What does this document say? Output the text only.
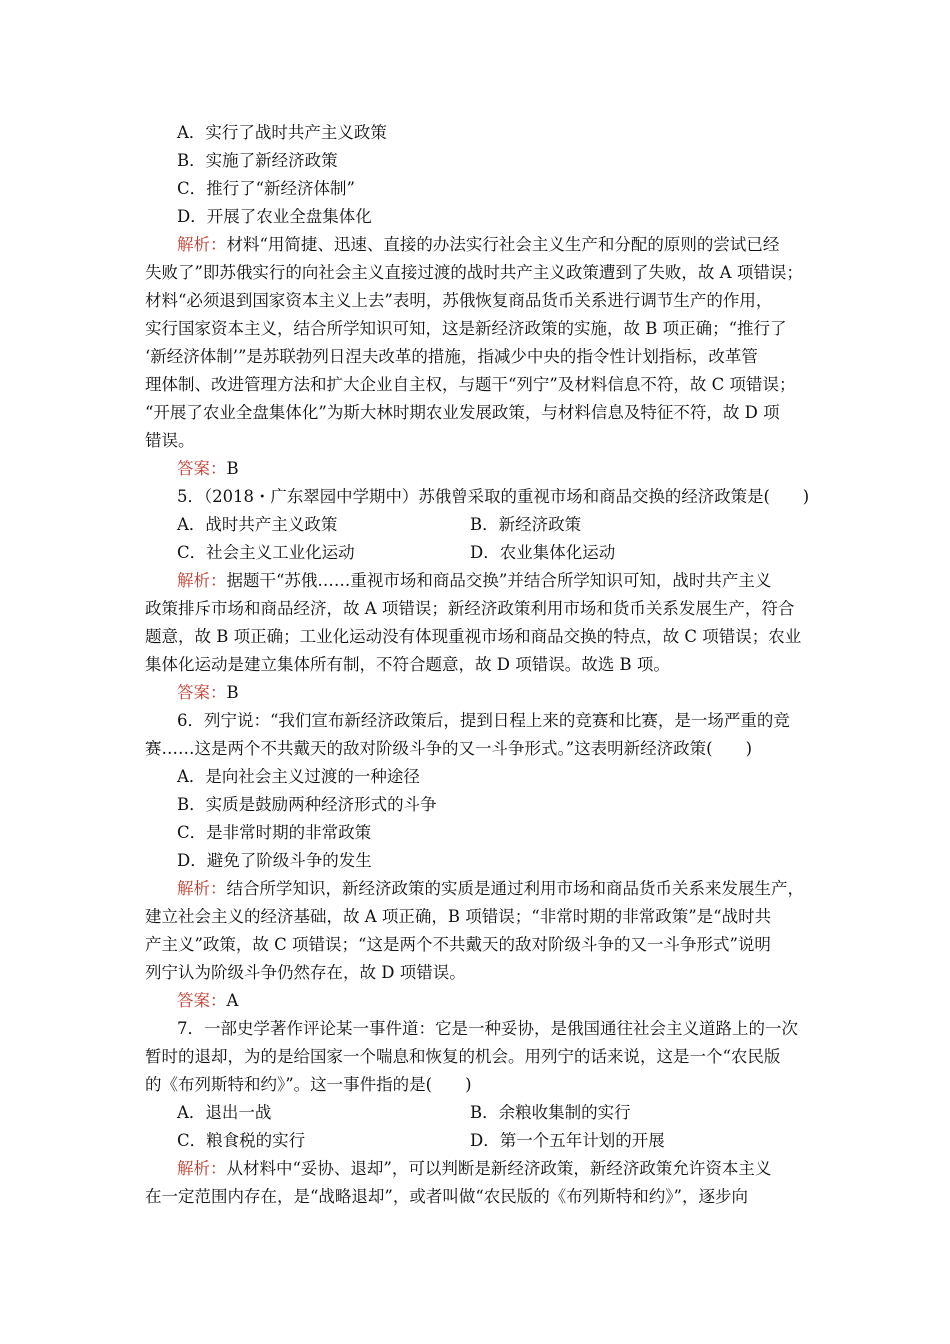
A．实行了战时共产主义政策
B．实施了新经济政策
C．推行了“新经济体制”
D．开展了农业全盘集体化
解析：材料“用简捷、迅速、直接的办法实行社会主义生产和分配的原则的尝试已经
失败了”即苏俄实行的向社会主义直接过渡的战时共产主义政策遭到了失败，故 A 项错误；
材料“必须退到国家资本主义上去”表明，苏俄恢复商品货币关系进行调节生产的作用，
实行国家资本主义，结合所学知识可知，这是新经济政策的实施，故 B 项正确；“推行了
‘新经济体制’”是苏联勃列日涅夫改革的措施，指减少中央的指令性计划指标，改革管
理体制、改进管理方法和扩大企业自主权，与题干“列宁”及材料信息不符，故 C 项错误；
“开展了农业全盘集体化”为斯大林时期农业发展政策，与材料信息及特征不符，故 D 项
错误。
答案：B
5．（2018・广东翠园中学期中）苏俄曾采取的重视市场和商品交换的经济政策是(　　)
A．战时共产主义政策	B．新经济政策
C．社会主义工业化运动	D．农业集体化运动
解析：据题干“苏俄……重视市场和商品交换”并结合所学知识可知，战时共产主义
政策排斥市场和商品经济，故 A 项错误；新经济政策利用市场和货币关系发展生产，符合
题意，故 B 项正确；工业化运动没有体现重视市场和商品交换的特点，故 C 项错误；农业
集体化运动是建立集体所有制，不符合题意，故 D 项错误。故选 B 项。
答案：B
6．列宁说：“我们宣布新经济政策后，提到日程上来的竞赛和比赛，是一场严重的竞
赛……这是两个不共戴天的敌对阶级斗争的又一斗争形式。”这表明新经济政策(　　)
A．是向社会主义过渡的一种途径
B．实质是鼓励两种经济形式的斗争
C．是非常时期的非常政策
D．避免了阶级斗争的发生
解析：结合所学知识，新经济政策的实质是通过利用市场和商品货币关系来发展生产，
建立社会主义的经济基础，故 A 项正确，B 项错误；“非常时期的非常政策”是“战时共
产主义”政策，故 C 项错误；“这是两个不共戴天的敌对阶级斗争的又一斗争形式”说明
列宁认为阶级斗争仍然存在，故 D 项错误。
答案：A
7．一部史学著作评论某一事件道：它是一种妥协，是俄国通往社会主义道路上的一次
暂时的退却，为的是给国家一个喘息和恢复的机会。用列宁的话来说，这是一个“农民版
的《布列斯特和约》”。这一事件指的是(　　)
A．退出一战	B．余粮收集制的实行
C．粮食税的实行	D．第一个五年计划的开展
解析：从材料中“妥协、退却”，可以判断是新经济政策，新经济政策允许资本主义
在一定范围内存在，是“战略退却”，或者叫做“农民版的《布列斯特和约》”，逐步向
